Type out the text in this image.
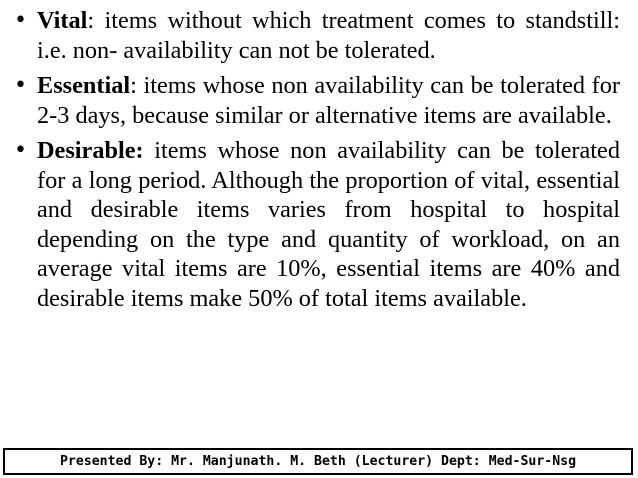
• Vital: items without which treatment comes to standstill: i.e. non- availability can not be tolerated.
• Essential: items whose non availability can be tolerated for 2-3 days, because similar or alternative items are available.
• Desirable: items whose non availability can be tolerated for a long period. Although the proportion of vital, essential and desirable items varies from hospital to hospital depending on the type and quantity of workload, on an average vital items are 10%, essential items are 40% and desirable items make 50% of total items available.
Presented By: Mr. Manjunath. M. Beth (Lecturer) Dept: Med-Sur-Nsg
